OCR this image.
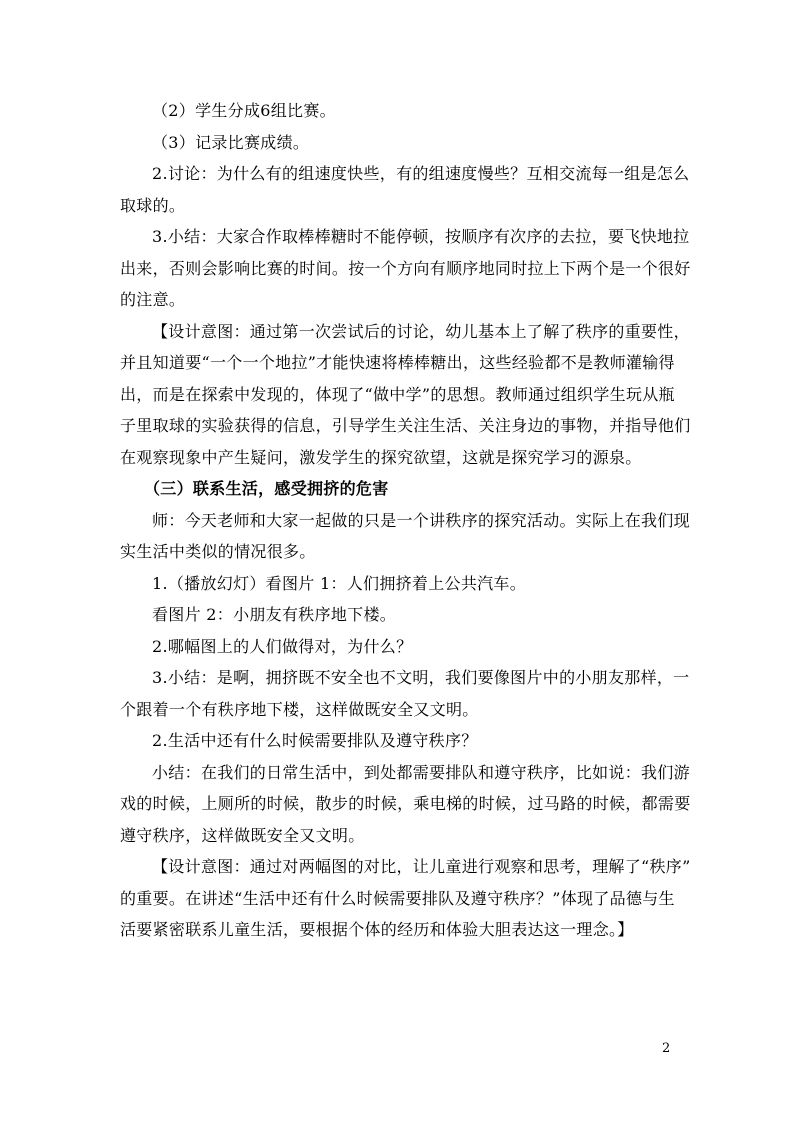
（2）学生分成6组比赛。
（3）记录比赛成绩。
2.讨论：为什么有的组速度快些，有的组速度慢些？互相交流每一组是怎么
取球的。
3.小结：大家合作取棒棒糖时不能停顿，按顺序有次序的去拉，要飞快地拉
出来，否则会影响比赛的时间。按一个方向有顺序地同时拉上下两个是一个很好
的注意。
【设计意图：通过第一次尝试后的讨论，幼儿基本上了解了秩序的重要性，
并且知道要“一个一个地拉”才能快速将棒棒糖出，这些经验都不是教师灌输得
出，而是在探索中发现的，体现了“做中学”的思想。教师通过组织学生玩从瓶
子里取球的实验获得的信息，引导学生关注生活、关注身边的事物，并指导他们
在观察现象中产生疑问，激发学生的探究欲望，这就是探究学习的源泉。
（三）联系生活，感受拥挤的危害
师：今天老师和大家一起做的只是一个讲秩序的探究活动。实际上在我们现
实生活中类似的情况很多。
1.（播放幻灯）看图片 1：人们拥挤着上公共汽车。
看图片 2：小朋友有秩序地下楼。
2.哪幅图上的人们做得对，为什么？
3.小结：是啊，拥挤既不安全也不文明，我们要像图片中的小朋友那样，一
个跟着一个有秩序地下楼，这样做既安全又文明。
2.生活中还有什么时候需要排队及遵守秩序？
小结：在我们的日常生活中，到处都需要排队和遵守秩序，比如说：我们游
戏的时候，上厕所的时候，散步的时候，乘电梯的时候，过马路的时候，都需要
遵守秩序，这样做既安全又文明。
【设计意图：通过对两幅图的对比，让儿童进行观察和思考，理解了“秩序”
的重要。在讲述“生活中还有什么时候需要排队及遵守秩序？”体现了品德与生
活要紧密联系儿童生活，要根据个体的经历和体验大胆表达这一理念。】
2
